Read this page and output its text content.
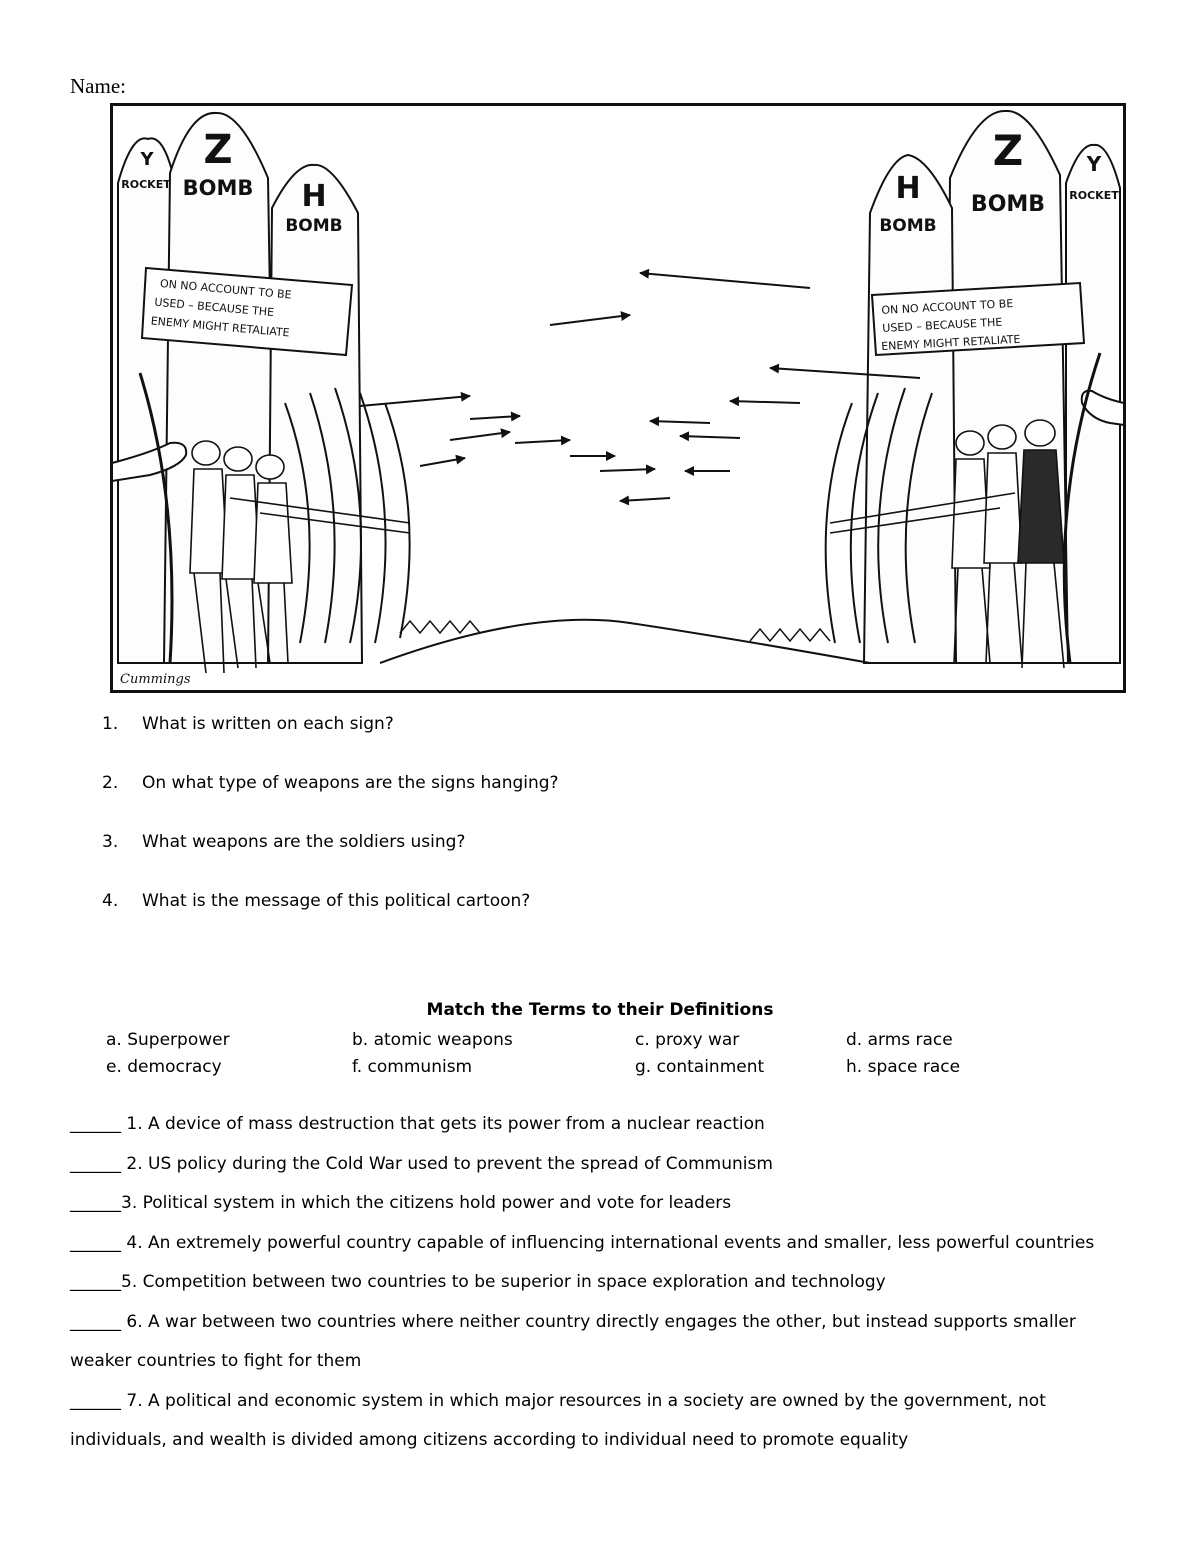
Name:
Y
ROCKET
Z
BOMB H
BOMB
ON NO ACCOUNT TO BE
USED – BECAUSE THE
ENEMY MIGHT RETALIATE
Y
ROCKET
Z
BOMB
H
BOMB
ON NO ACCOUNT TO BE
USED – BECAUSE THE
ENEMY MIGHT RETALIATE
Cummings
1. What is written on each sign?
2. On what type of weapons are the signs hanging?
3. What weapons are the soldiers using?
4. What is the message of this political cartoon?
Match the Terms to their Definitions
a. Superpower	b. atomic weapons	c. proxy war	d. arms race
e. democracy	f. communism	g. containment	h. space race
______ 1. A device of mass destruction that gets its power from a nuclear reaction
______ 2. US policy during the Cold War used to prevent the spread of Communism
______3. Political system in which the citizens hold power and vote for leaders
______ 4. An extremely powerful country capable of influencing international events and smaller, less powerful countries
______5. Competition between two countries to be superior in space exploration and technology
______ 6. A war between two countries where neither country directly engages the other, but instead supports smaller
weaker countries to fight for them
______ 7. A political and economic system in which major resources in a society are owned by the government, not
individuals, and wealth is divided among citizens according to individual need to promote equality
